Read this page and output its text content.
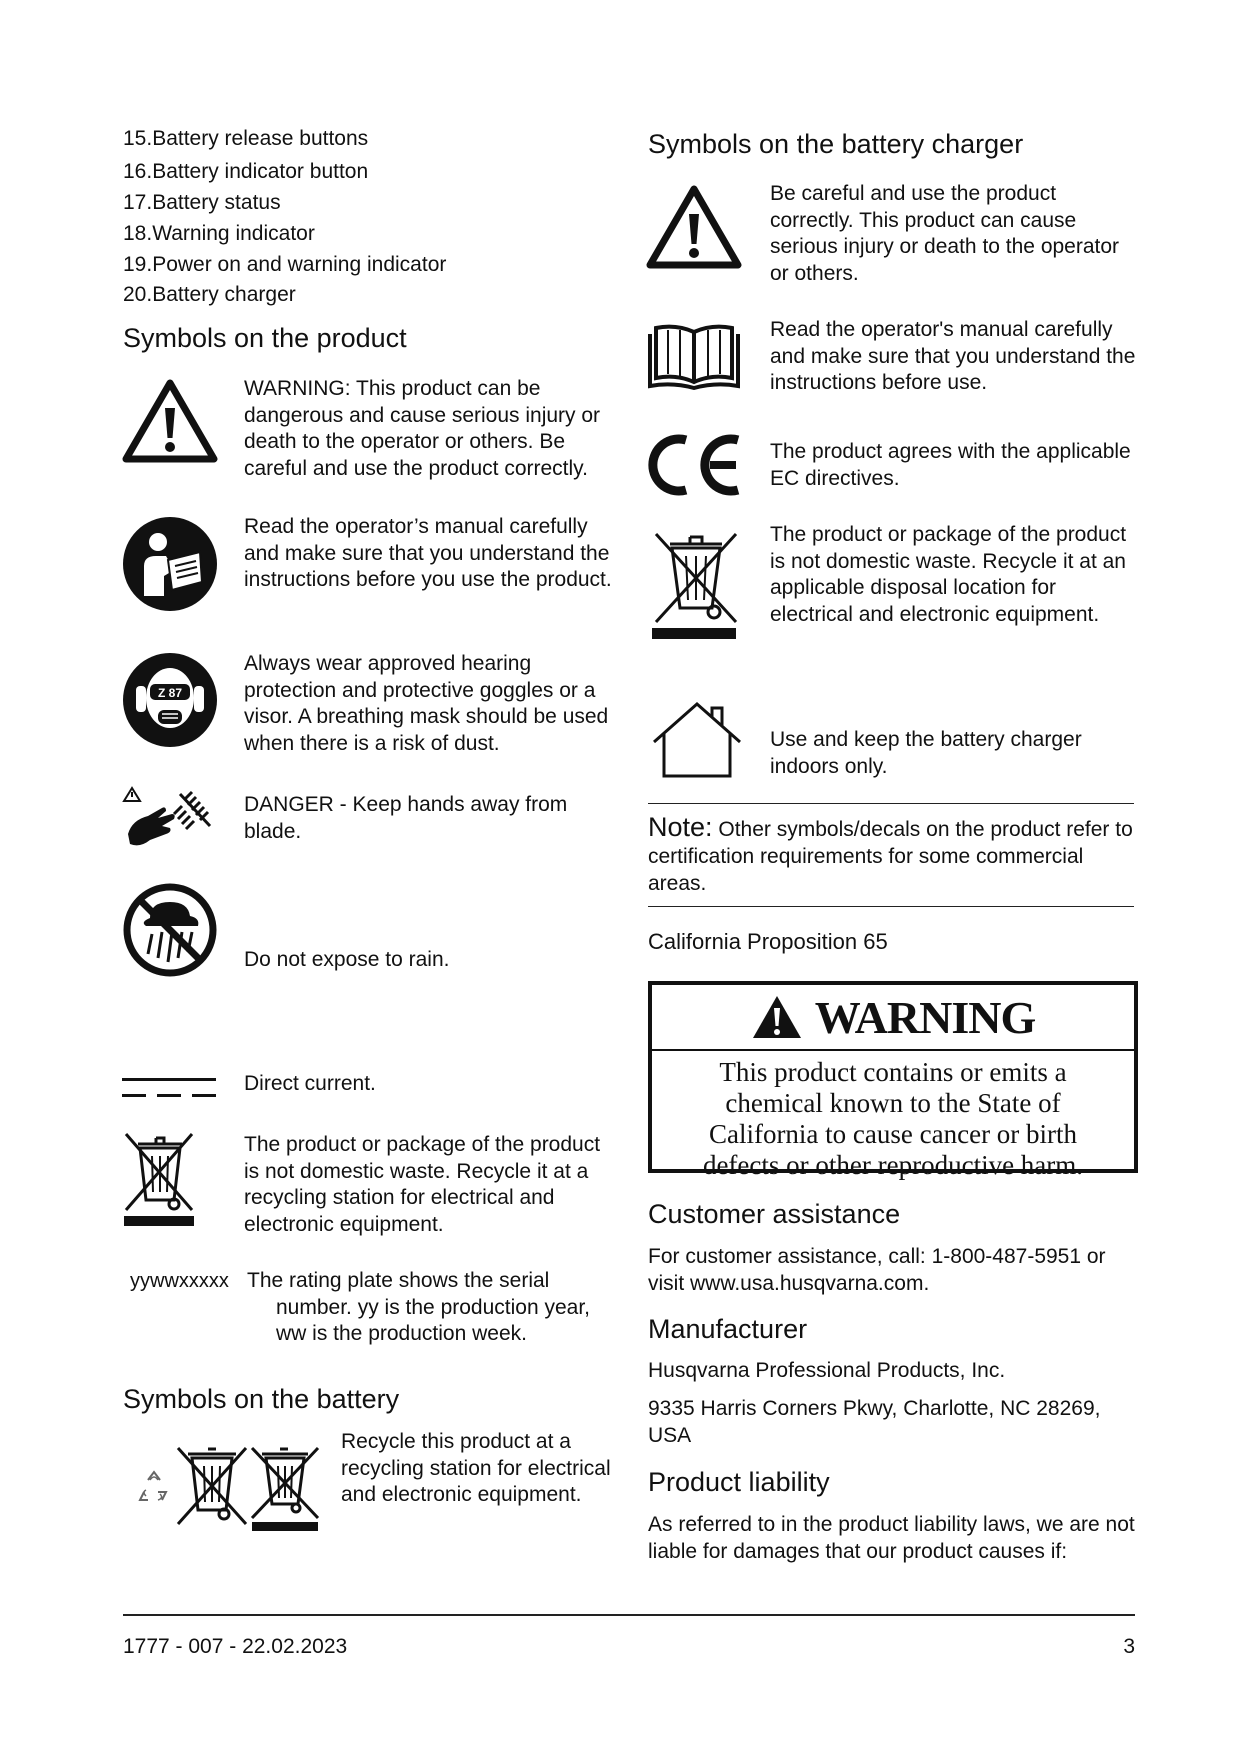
15.Battery release buttons
16.Battery indicator button
17.Battery status
18.Warning indicator
19.Power on and warning indicator
20.Battery charger
Symbols on the product
WARNING: This product can be dangerous and cause serious injury or death to the operator or others. Be careful and use the product correctly.
Read the operator’s manual carefully and make sure that you understand the instructions before you use the product.
Z 87
Always wear approved hearing protection and protective goggles or a visor. A breathing mask should be used when there is a risk of dust.
DANGER - Keep hands away from blade.
Do not expose to rain.
Direct current.
The product or package of the product is not domestic waste. Recycle it at a recycling station for electrical and electronic equipment.
yywwxxxxx The rating plate shows the serial number. yy is the production year, ww is the production week.
Symbols on the battery
Recycle this product at a recycling station for electrical and electronic equipment.
Symbols on the battery charger
Be careful and use the product correctly. This product can cause serious injury or death to the operator or others.
Read the operator's manual carefully and make sure that you understand the instructions before use.
The product agrees with the applicable EC directives.
The product or package of the product is not domestic waste. Recycle it at an applicable disposal location for electrical and electronic equipment.
Use and keep the battery charger indoors only.
Note: Other symbols/decals on the product refer to certification requirements for some commercial areas.
California Proposition 65
WARNING
This product contains or emits a
chemical known to the State of
California to cause cancer or birth
defects or other reproductive harm.
Customer assistance
For customer assistance, call: 1-800-487-5951 or visit www.usa.husqvarna.com.
Manufacturer
Husqvarna Professional Products, Inc.
9335 Harris Corners Pkwy, Charlotte, NC 28269, USA
Product liability
As referred to in the product liability laws, we are not liable for damages that our product causes if:
1777 - 007 - 22.02.2023	3
